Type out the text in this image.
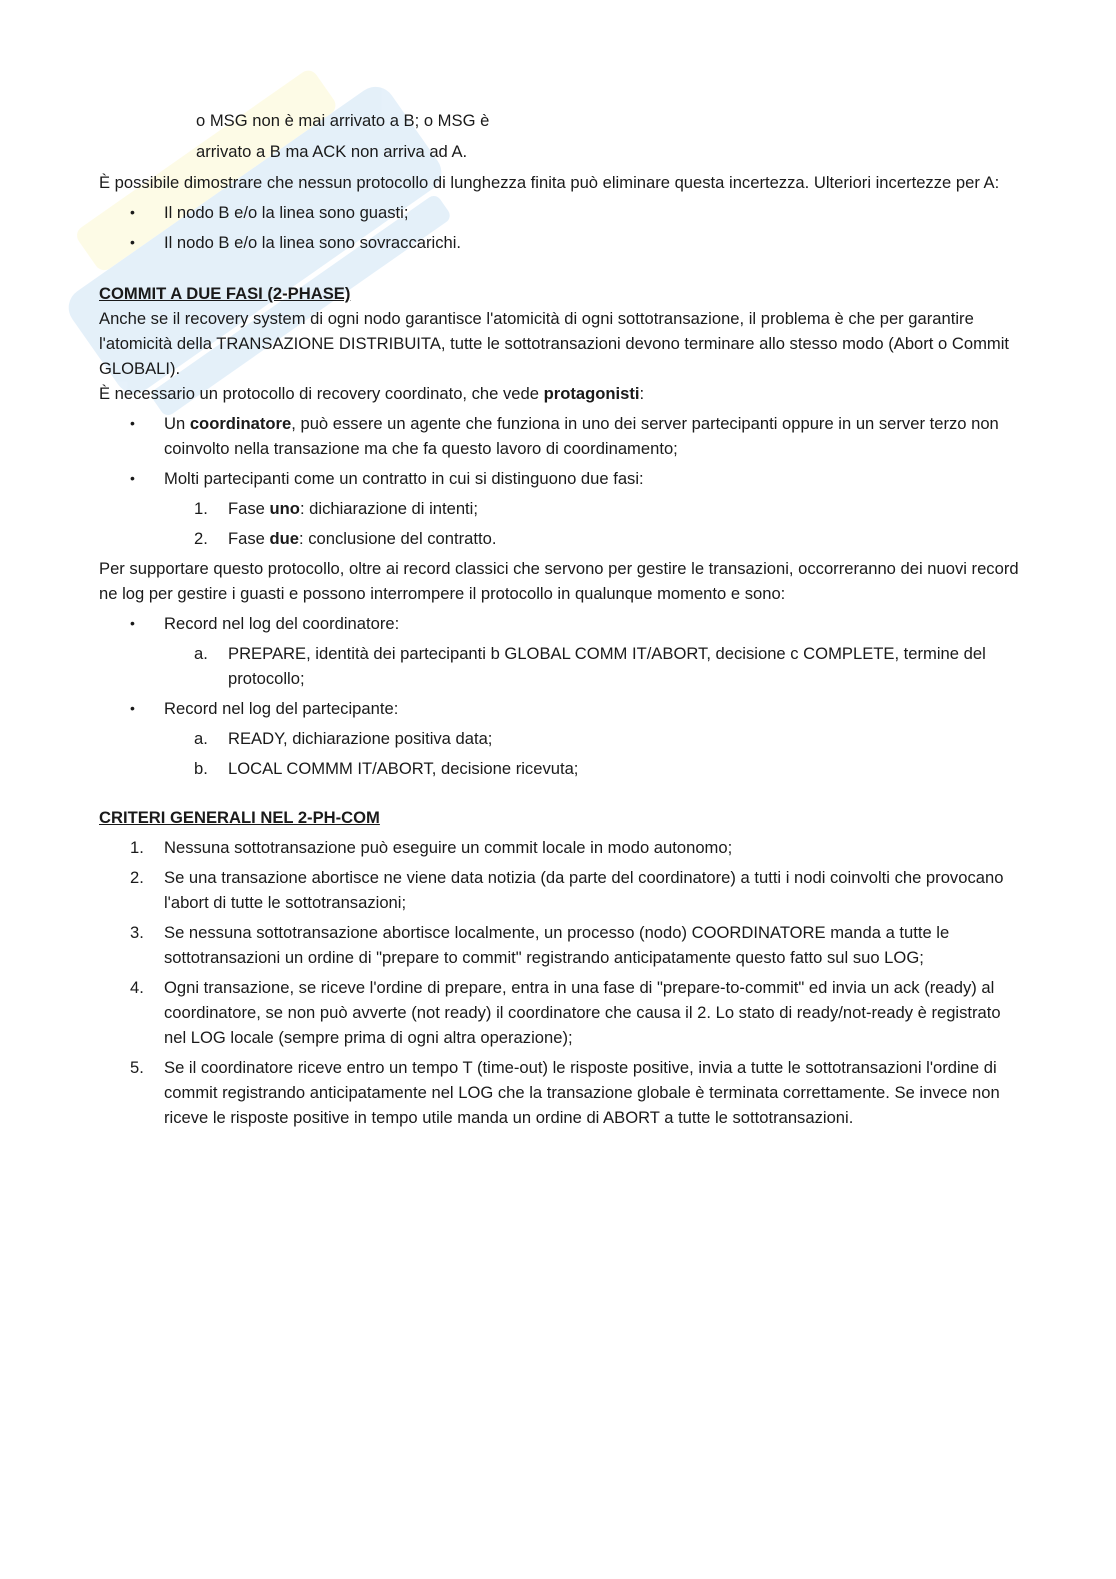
o MSG non è mai arrivato a B; o MSG è

arrivato a B ma ACK non arriva ad A.

È possibile dimostrare che nessun protocollo di lunghezza finita può eliminare questa incertezza. Ulteriori incertezze per A:

• Il nodo B e/o la linea sono guasti;
• Il nodo B e/o la linea sono sovraccarichi.

COMMIT A DUE FASI (2-PHASE)

Anche se il recovery system di ogni nodo garantisce l'atomicità di ogni sottotransazione, il problema è che per garantire l'atomicità della TRANSAZIONE DISTRIBUITA, tutte le sottotransazioni devono terminare allo stesso modo (Abort o Commit GLOBALI).

È necessario un protocollo di recovery coordinato, che vede protagonisti:

• Un coordinatore, può essere un agente che funziona in uno dei server partecipanti oppure in un server terzo non coinvolto nella transazione ma che fa questo lavoro di coordinamento;
• Molti partecipanti come un contratto in cui si distinguono due fasi:
1. Fase uno: dichiarazione di intenti;
2. Fase due: conclusione del contratto.

Per supportare questo protocollo, oltre ai record classici che servono per gestire le transazioni, occorreranno dei nuovi record ne log per gestire i guasti e possono interrompere il protocollo in qualunque momento e sono:

• Record nel log del coordinatore:
a. PREPARE, identità dei partecipanti b GLOBAL COMM IT/ABORT, decisione c COMPLETE, termine del protocollo;
• Record nel log del partecipante:
a. READY, dichiarazione positiva data;
b. LOCAL COMMM IT/ABORT, decisione ricevuta;

CRITERI GENERALI NEL 2-PH-COM

1. Nessuna sottotransazione può eseguire un commit locale in modo autonomo;
2. Se una transazione abortisce ne viene data notizia (da parte del coordinatore) a tutti i nodi coinvolti che provocano l'abort di tutte le sottotransazioni;
3. Se nessuna sottotransazione abortisce localmente, un processo (nodo) COORDINATORE manda a tutte le sottotransazioni un ordine di "prepare to commit" registrando anticipatamente questo fatto sul suo LOG;
4. Ogni transazione, se riceve l'ordine di prepare, entra in una fase di "prepare-to-commit" ed invia un ack (ready) al coordinatore, se non può avverte (not ready) il coordinatore che causa il 2. Lo stato di ready/not-ready è registrato nel LOG locale (sempre prima di ogni altra operazione);
5. Se il coordinatore riceve entro un tempo T (time-out) le risposte positive, invia a tutte le sottotransazioni l'ordine di commit registrando anticipatamente nel LOG che la transazione globale è terminata correttamente. Se invece non riceve le risposte positive in tempo utile manda un ordine di ABORT a tutte le sottotransazioni.
